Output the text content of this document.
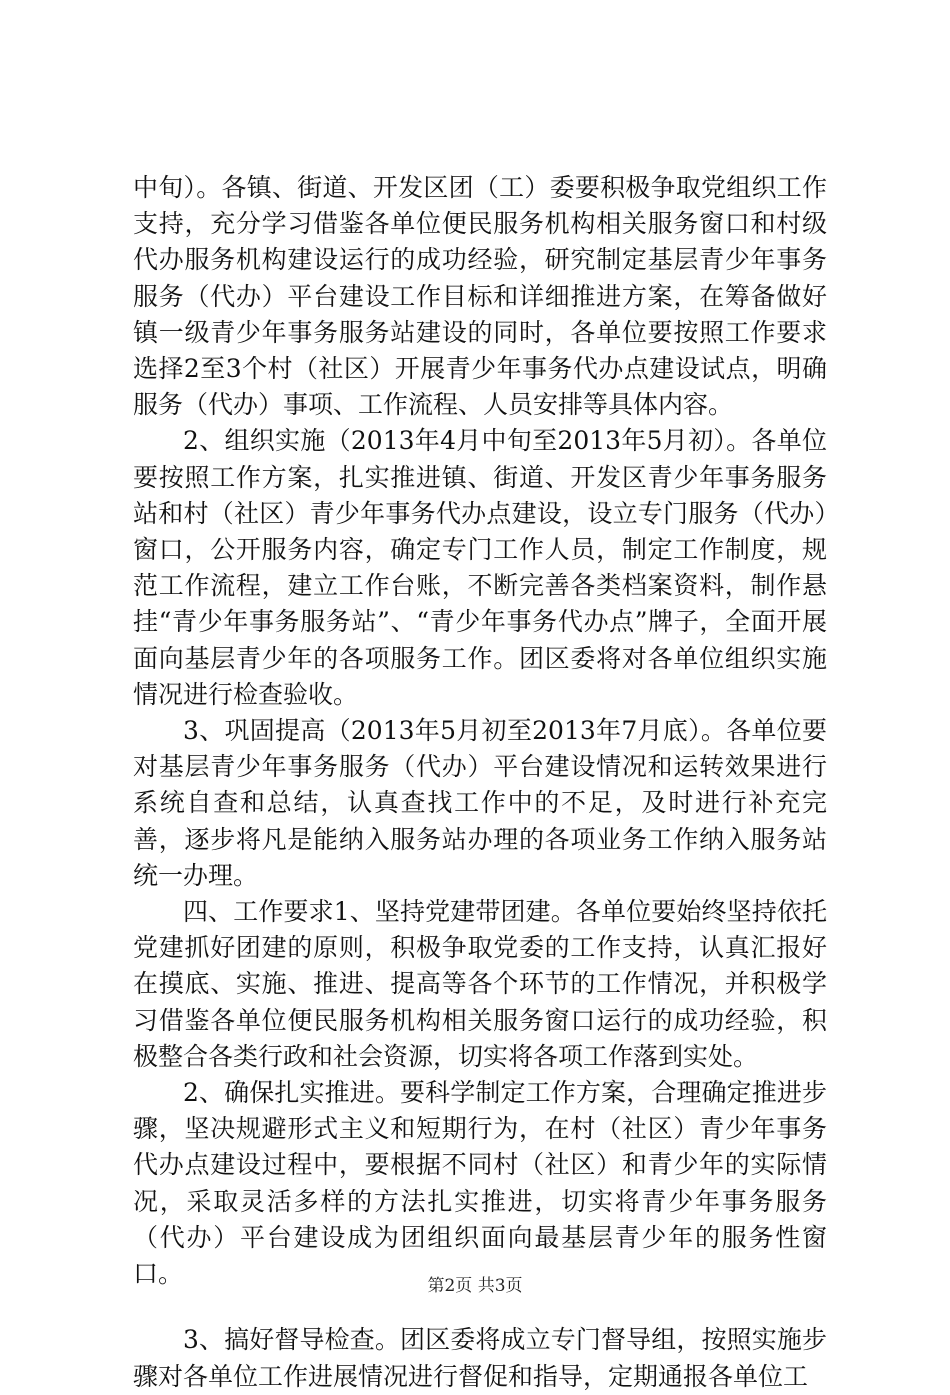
中旬）。各镇、街道、开发区团（工）委要积极争取党组织工作支持，充分学习借鉴各单位便民服务机构相关服务窗口和村级代办服务机构建设运行的成功经验，研究制定基层青少年事务服务（代办）平台建设工作目标和详细推进方案，在筹备做好镇一级青少年事务服务站建设的同时，各单位要按照工作要求选择2至3个村（社区）开展青少年事务代办点建设试点，明确服务（代办）事项、工作流程、人员安排等具体内容。

2、组织实施（2013年4月中旬至2013年5月初）。各单位要按照工作方案，扎实推进镇、街道、开发区青少年事务服务站和村（社区）青少年事务代办点建设，设立专门服务（代办）窗口，公开服务内容，确定专门工作人员，制定工作制度，规范工作流程，建立工作台账，不断完善各类档案资料，制作悬挂“青少年事务服务站”、“青少年事务代办点”牌子，全面开展面向基层青少年的各项服务工作。团区委将对各单位组织实施情况进行检查验收。

3、巩固提高（2013年5月初至2013年7月底）。各单位要对基层青少年事务服务（代办）平台建设情况和运转效果进行系统自查和总结，认真查找工作中的不足，及时进行补充完善，逐步将凡是能纳入服务站办理的各项业务工作纳入服务站统一办理。

四、工作要求1、坚持党建带团建。各单位要始终坚持依托党建抓好团建的原则，积极争取党委的工作支持，认真汇报好在摸底、实施、推进、提高等各个环节的工作情况，并积极学习借鉴各单位便民服务机构相关服务窗口运行的成功经验，积极整合各类行政和社会资源，切实将各项工作落到实处。

2、确保扎实推进。要科学制定工作方案，合理确定推进步骤，坚决规避形式主义和短期行为，在村（社区）青少年事务代办点建设过程中，要根据不同村（社区）和青少年的实际情况，采取灵活多样的方法扎实推进，切实将青少年事务服务（代办）平台建设成为团组织面向最基层青少年的服务性窗口。

3、搞好督导检查。团区委将成立专门督导组，按照实施步骤对各单位工作进展情况进行督促和指导，定期通报各单位工

第2页 共3页
